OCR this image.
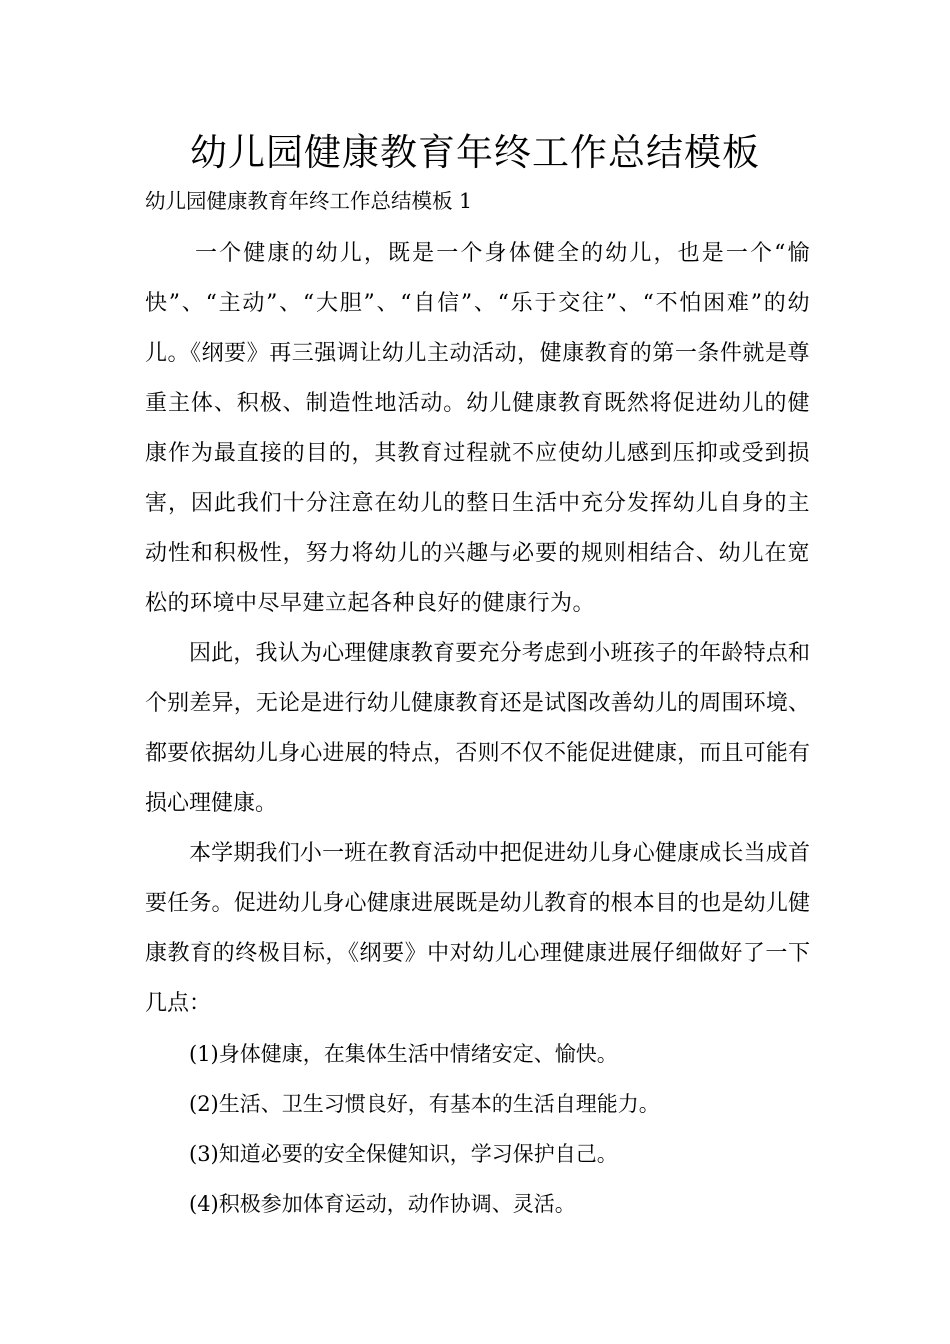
幼儿园健康教育年终工作总结模板
幼儿园健康教育年终工作总结模板 1

一个健康的幼儿，既是一个身体健全的幼儿，也是一个“愉快”、“主动”、“大胆”、“自信”、“乐于交往”、“不怕困难”的幼儿。《纲要》再三强调让幼儿主动活动，健康教育的第一条件就是尊重主体、积极、制造性地活动。幼儿健康教育既然将促进幼儿的健康作为最直接的目的，其教育过程就不应使幼儿感到压抑或受到损害，因此我们十分注意在幼儿的整日生活中充分发挥幼儿自身的主动性和积极性，努力将幼儿的兴趣与必要的规则相结合、幼儿在宽松的环境中尽早建立起各种良好的健康行为。

因此，我认为心理健康教育要充分考虑到小班孩子的年龄特点和个别差异，无论是进行幼儿健康教育还是试图改善幼儿的周围环境、都要依据幼儿身心进展的特点，否则不仅不能促进健康，而且可能有损心理健康。

本学期我们小一班在教育活动中把促进幼儿身心健康成长当成首要任务。促进幼儿身心健康进展既是幼儿教育的根本目的也是幼儿健康教育的终极目标，《纲要》中对幼儿心理健康进展仔细做好了一下几点：

(1)身体健康，在集体生活中情绪安定、愉快。

(2)生活、卫生习惯良好，有基本的生活自理能力。

(3)知道必要的安全保健知识，学习保护自己。

(4)积极参加体育运动，动作协调、灵活。
